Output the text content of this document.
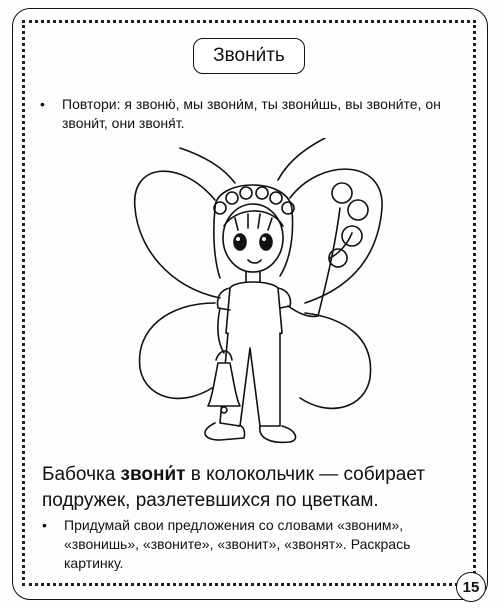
Звони́ть
•	Повтори: я звоню́, мы звони́м, ты звони́шь, вы звони́те, он звони́т, они звоня́т.
Бабочка звони́т в колокольчик — собирает подружек, разлетевшихся по цветкам.
•	Придумай свои предложения со словами «звоним», «звонишь», «звоните», «звонит», «звонят». Раскрась картинку.
15
